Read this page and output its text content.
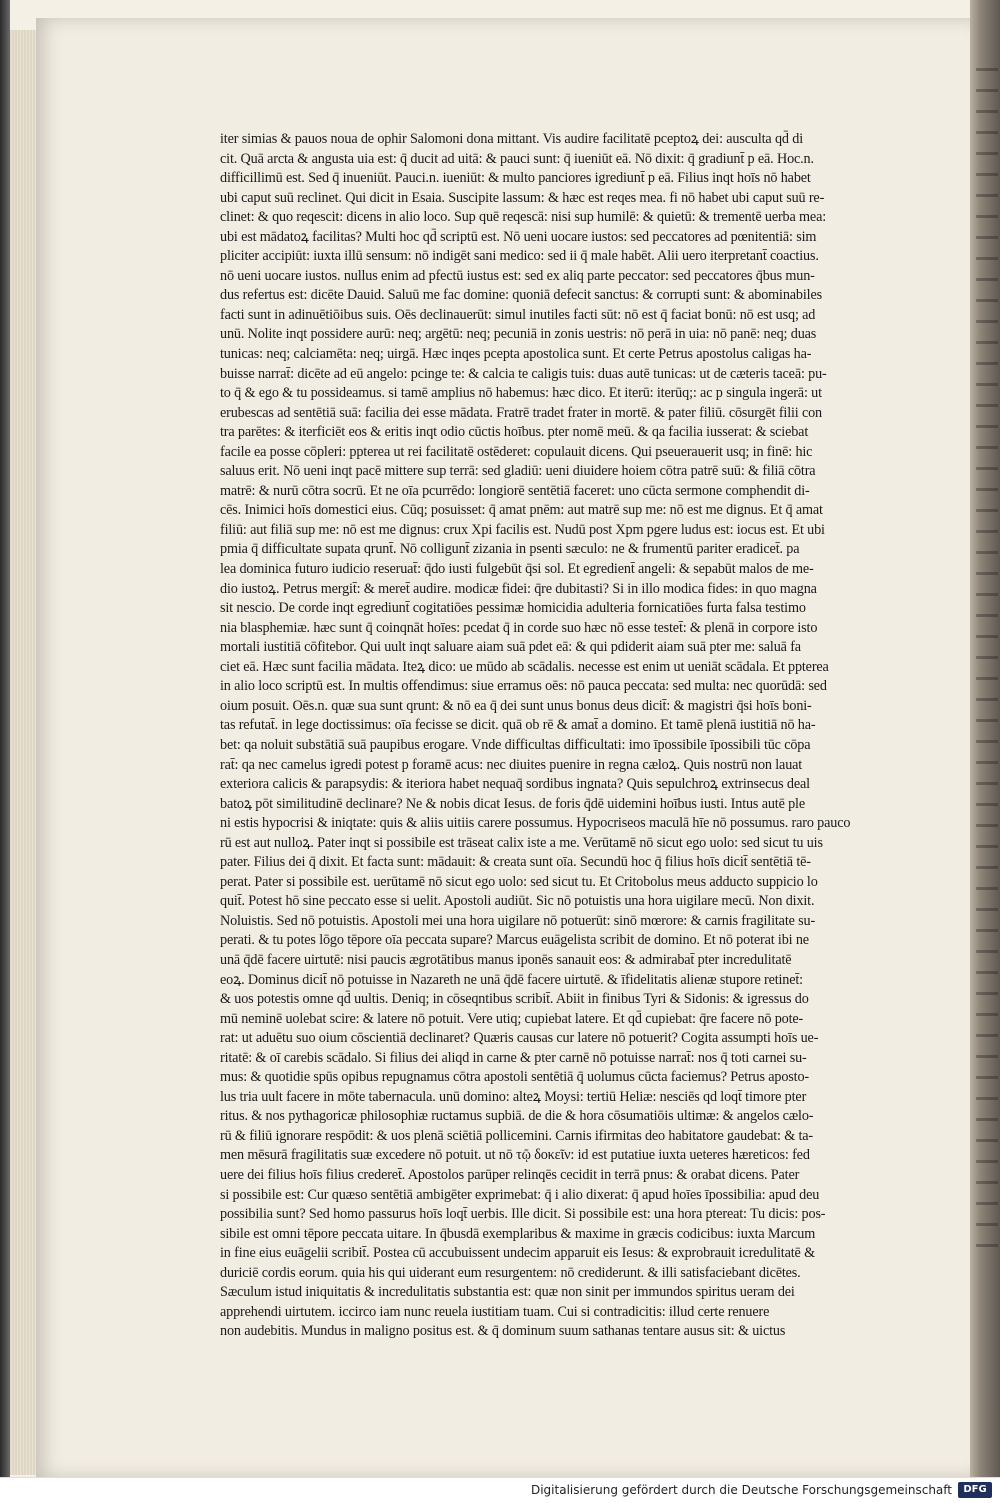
iter simias & pauos noua de ophir Salomoni dona mittant. Vis audire facilitatē pceptoꝝ dei: ausculta qd̄ di
cit. Quā arcta & angusta uia est: q̄ ducit ad uitā: & pauci sunt: q̄ iueniūt eā. Nō dixit: q̄ gradiunt̄ p eā. Hoc.n.
difficillimū est. Sed q̄ inueniūt. Pauci.n. iueniūt: & multo panciores igrediunt̄ p eā. Filius inqt hoīs nō habet
ubi caput suū reclinet. Qui dicit in Esaia. Suscipite lassum: & hæc est reqes mea. fi nō habet ubi caput suū re-
clinet: & quo reqescit: dicens in alio loco. Sup quē reqescā: nisi sup humilē: & quietū: & trementē uerba mea:
ubi est mādatoꝝ facilitas? Multi hoc qd̄ scriptū est. Nō ueni uocare iustos: sed peccatores ad pœnitentiā: sim
pliciter accipiūt: iuxta illū sensum: nō indigēt sani medico: sed ii q̄ male habēt. Alii uero iterpretant̄ coactius.
nō ueni uocare iustos. nullus enim ad pfectū iustus est: sed ex aliq parte peccator: sed peccatores q̄bus mun-
dus refertus est: dicēte Dauid. Saluū me fac domine: quoniā defecit sanctus: & corrupti sunt: & abominabiles
facti sunt in adinuētiōibus suis. Oēs declinauerūt: simul inutiles facti sūt: nō est q̄ faciat bonū: nō est usq; ad
unū. Nolite inqt possidere aurū: neq; argētū: neq; pecuniā in zonis uestris: nō perā in uia: nō panē: neq; duas
tunicas: neq; calciamēta: neq; uirgā. Hæc inqes pcepta apostolica sunt. Et certe Petrus apostolus caligas ha-
buisse narrat̄: dicēte ad eū angelo: pcinge te: & calcia te caligis tuis: duas autē tunicas: ut de cæteris taceā: pu-
to q̄ & ego & tu possideamus. si tamē amplius nō habemus: hæc dico. Et iterū: iterūq;: ac p singula ingerā: ut
erubescas ad sentētiā suā: facilia dei esse mādata. Fratrē tradet frater in mortē. & pater filiū. cōsurgēt filii con
tra parētes: & iterficiēt eos & eritis inqt odio cūctis hoībus. pter nomē meū. & qa facilia iusserat: & sciebat
facile ea posse cōpleri: pptereа ut rei facilitatē ostēderet: copulauit dicens. Qui pseuerauerit usq; in finē: hic
saluus erit. Nō ueni inqt pacē mittere sup terrā: sed gladiū: ueni diuidere hoiem cōtra patrē suū: & filiā cōtra
matrē: & nurū cōtra socrū. Et ne oīa pcurrēdo: longiorē sentētiā faceret: uno cūcta sermone comphendit di-
cēs. Inimici hoīs domestici eius. Cūq; posuisset: q̄ amat pnēm: aut matrē sup me: nō est me dignus. Et q̄ amat
filiū: aut filiā sup me: nō est me dignus: crux Xpi facilis est. Nudū post Xpm pgere ludus est: iocus est. Et ubi
pmia q̄ difficultate supata qrunt̄. Nō colligunt̄ zizania in psenti sæculo: ne & frumentū pariter eradicet̄. pa
lea dominica futuro iudicio reseruat̄: q̄do iusti fulgebūt q̄si sol. Et egredient̄ angeli: & sepabūt malos de me-
dio iustoꝝ. Petrus mergit̄: & meret̄ audire. modicæ fidei: q̄re dubitasti? Si in illo modica fides: in quo magna
sit nescio. De corde inqt egrediunt̄ cogitatiōes pessimæ homicidia adulteria fornicatiōes furta falsa testimo
nia blasphemiæ. hæc sunt q̄ coinqnāt hoīes: pcedat q̄ in corde suo hæc nō esse testet̄: & plenā in corpore isto
mortali iustitiā cōfitebor. Qui uult inqt saluare aiam suā pdet eā: & qui pdiderit aiam suā pter me: saluā fa
ciet eā. Hæc sunt facilia mādata. Iteꝝ dico: ue mūdo ab scādalis. necesse est enim ut ueniāt scādala. Et pptereа
in alio loco scriptū est. In multis offendimus: siue erramus oēs: nō pauca peccata: sed multa: nec quorūdā: sed
oium posuit. Oēs.n. quæ sua sunt qrunt: & nō ea q̄ dei sunt unus bonus deus dicit̄: & magistri q̄si hoīs boni-
tas refutat̄. in lege doctissimus: oīa fecisse se dicit. quā ob rē & amat̄ a domino. Et tamē plenā iustitiā nō ha-
bet: qa noluit substātiā suā paupibus erogare. Vnde difficultas difficultati: imo īpossibile īpossibili tūc cōpa
rat̄: qa nec camelus igredi potest p foramē acus: nec diuites puenire in regna cæloꝝ. Quis nostrū non lauat
exteriora calicis & parapsydis: & iteriora habet nequaq̄ sordibus ingnata? Quis sepulchroꝝ extrinsecus deal
batoꝝ pōt similitudinē declinare? Ne & nobis dicat Iesus. de foris q̄dē uidemini hoībus iusti. Intus autē ple
ni estis hypocrisi & iniqtate: quis & aliis uitiis carere possumus. Hypocriseos maculā hīe nō possumus. rarо pauco
rū est aut nulloꝝ. Pater inqt si possibile est trāseat calix iste a me. Verūtamē nō sicut ego uolo: sed sicut tu uis
pater. Filius dei q̄ dixit. Et facta sunt: mādauit: & creata sunt oīa. Secundū hoc q̄ filius hoīs dicit̄ sentētiā tē-
perat. Pater si possibile est. uerūtamē nō sicut ego uolo: sed sicut tu. Et Critobolus meus adducto suppicio lo
quit̄. Potest hō sine peccato esse si uelit. Apostoli audiūt. Sic nō potuistis una hora uigilare mecū. Non dixit.
Noluistis. Sed nō potuistis. Apostoli mei una hora uigilare nō potuerūt: sinō mœrore: & carnis fragilitate su-
perati. & tu potes lōgo tēpore oīa peccata supare? Marcus euāgelista scribit de domino. Et nō poterat ibi ne
unā q̄dē facere uirtutē: nisi paucis ægrotātibus manus iponēs sanauit eos: & admirabat̄ pter incredulitatē
eoꝝ. Dominus dicit̄ nō potuisse in Nazareth ne unā q̄dē facere uirtutē. & īfidelitatis alienæ stupore retinet̄:
& uos potestis omne qd̄ uultis. Deniq; in cōseqntibus scribit̄. Abiit in finibus Tyri & Sidonis: & igressus do
mū neminē uolebat scire: & latere nō potuit. Vere utiq; cupiebat latere. Et qd̄ cupiebat: q̄re facere nō pote-
rat: ut aduētu suo oium cōscientiā declinaret? Quæris causas cur latere nō potuerit? Cogita assumpti hoīs ue-
ritatē: & oī carebis scādalo. Si filius dei aliqd in carne & pter carnē nō potuisse narrat̄: nos q̄ toti carnei su-
mus: & quotidie spūs opibus repugnamus cōtra apostoli sentētiā q̄ uolumus cūcta faciemus? Petrus aposto-
lus tria uult facere in mōte tabernacula. unū domino: alteꝝ Moysi: tertiū Heliæ: nesciēs qd loqt̄ timore pter
ritus. & nos pythagoricæ philosophiæ ructamus supbiā. de die & hora cōsumatiōis ultimæ: & angelos cælo-
rū & filiū ignorare respōdit: & uos plenā sciētiā pollicemini. Carnis ifirmitas deo habitatore gaudebat: & ta-
men mēsurā fragilitatis suæ excedere nō potuit. ut nō τῷ δοκεῖν: id est putatiue iuxta ueteres hæreticos: fed
uere dei filius hoīs filius crederet̄. Apostolos parūper relinqēs cecidit in terrā pnus: & orabat dicens. Pater
si possibile est: Cur quæso sentētiā ambigēter exprimebat: q̄ i alio dixerat: q̄ apud hoīes īpossibilia: apud deu
possibilia sunt? Sed homo passurus hoīs loqt̄ uerbis. Ille dicit. Si possibile est: una hora ptereat: Tu dicis: pos-
sibile est omni tēpore peccata uitare. In q̄busdā exemplaribus & maxime in græcis codicibus: iuxta Marcum
in fine eius euāgelii scribit̄. Postea cū accubuissent undecim apparuit eis Iesus: & exprobrauit icredulitatē &
duriciē cordis eorum. quia his qui uiderant eum resurgentem: nō crediderunt. & illi satisfaciebant dicētes.
Sæculum istud iniquitatis & incredulitatis substantia est: quæ non sinit per immundos spiritus ueram dei
apprehendi uirtutem. iccirco iam nunc reuela iustitiam tuam. Cui si contradicitis: illud certe renuere
non audebitis. Mundus in maligno positus est. & q̄ dominum suum sathanas tentare ausus sit: & uictus
Digitalisierung gefördert durch die Deutsche Forschungsgemeinschaft	DFG
